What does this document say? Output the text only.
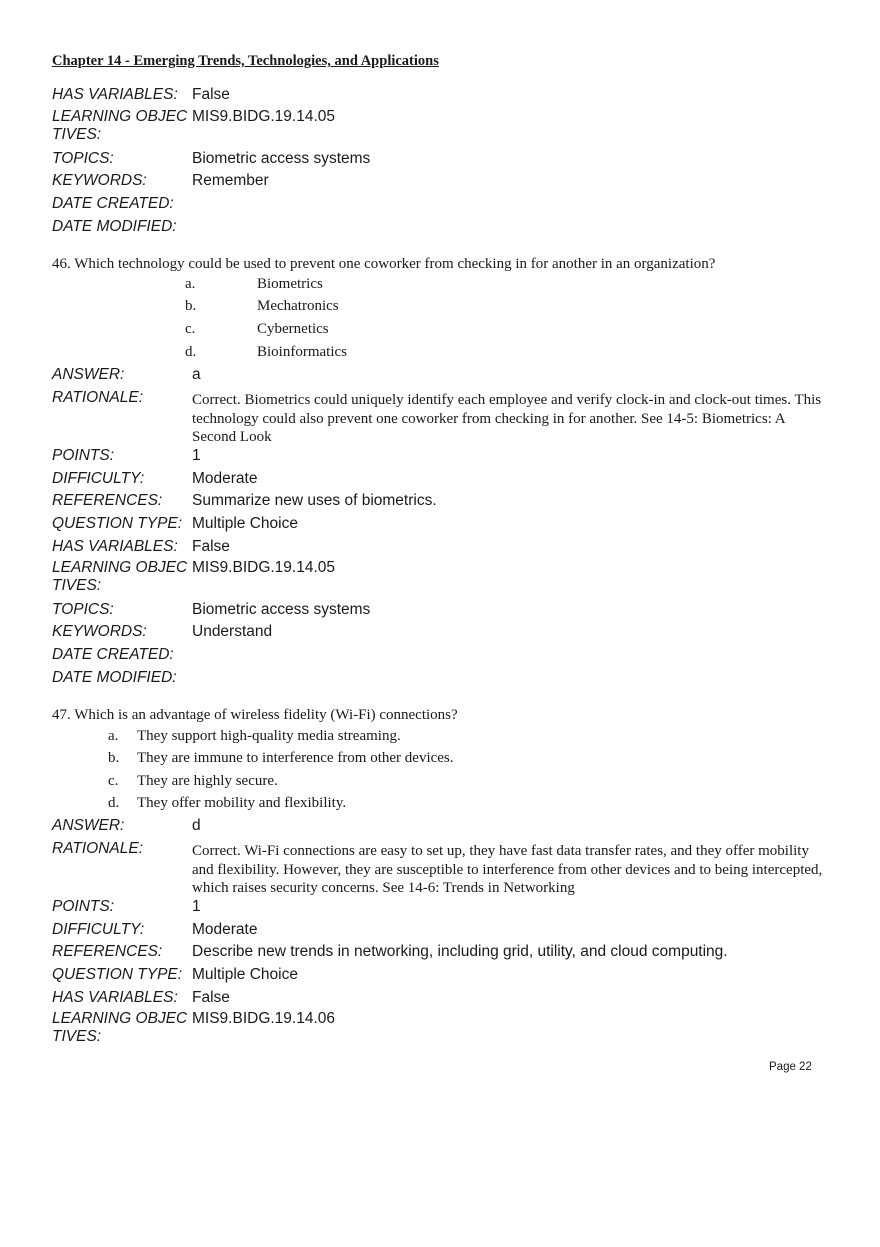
Chapter 14 - Emerging Trends, Technologies, and Applications
HAS VARIABLES: False
LEARNING OBJECTIVES:
MIS9.BIDG.19.14.05
TOPICS:	Biometric access systems
KEYWORDS:	Remember
DATE CREATED:
DATE MODIFIED:
46. Which technology could be used to prevent one coworker from checking in for another in an organization?
a.	Biometrics
b.	Mechatronics
c.	Cybernetics
d.	Bioinformatics
ANSWER:	a
RATIONALE:	Correct. Biometrics could uniquely identify each employee and verify clock-in and clock-out times. This technology could also prevent one coworker from checking in for another. See 14-5: Biometrics: A Second Look
POINTS:	1
DIFFICULTY:	Moderate
REFERENCES:	Summarize new uses of biometrics.
QUESTION TYPE: Multiple Choice
HAS VARIABLES: False
LEARNING OBJECTIVES:
MIS9.BIDG.19.14.05
TOPICS:	Biometric access systems
KEYWORDS:	Understand
DATE CREATED:
DATE MODIFIED:
47. Which is an advantage of wireless fidelity (Wi-Fi) connections?
a. They support high-quality media streaming.
b. They are immune to interference from other devices.
c. They are highly secure.
d. They offer mobility and flexibility.
ANSWER:	d
RATIONALE:	Correct. Wi-Fi connections are easy to set up, they have fast data transfer rates, and they offer mobility and flexibility. However, they are susceptible to interference from other devices and to being intercepted, which raises security concerns. See 14-6: Trends in Networking
POINTS:	1
DIFFICULTY:	Moderate
REFERENCES:	Describe new trends in networking, including grid, utility, and cloud computing.
QUESTION TYPE: Multiple Choice
HAS VARIABLES: False
LEARNING OBJECTIVES:
MIS9.BIDG.19.14.06
Page 22
